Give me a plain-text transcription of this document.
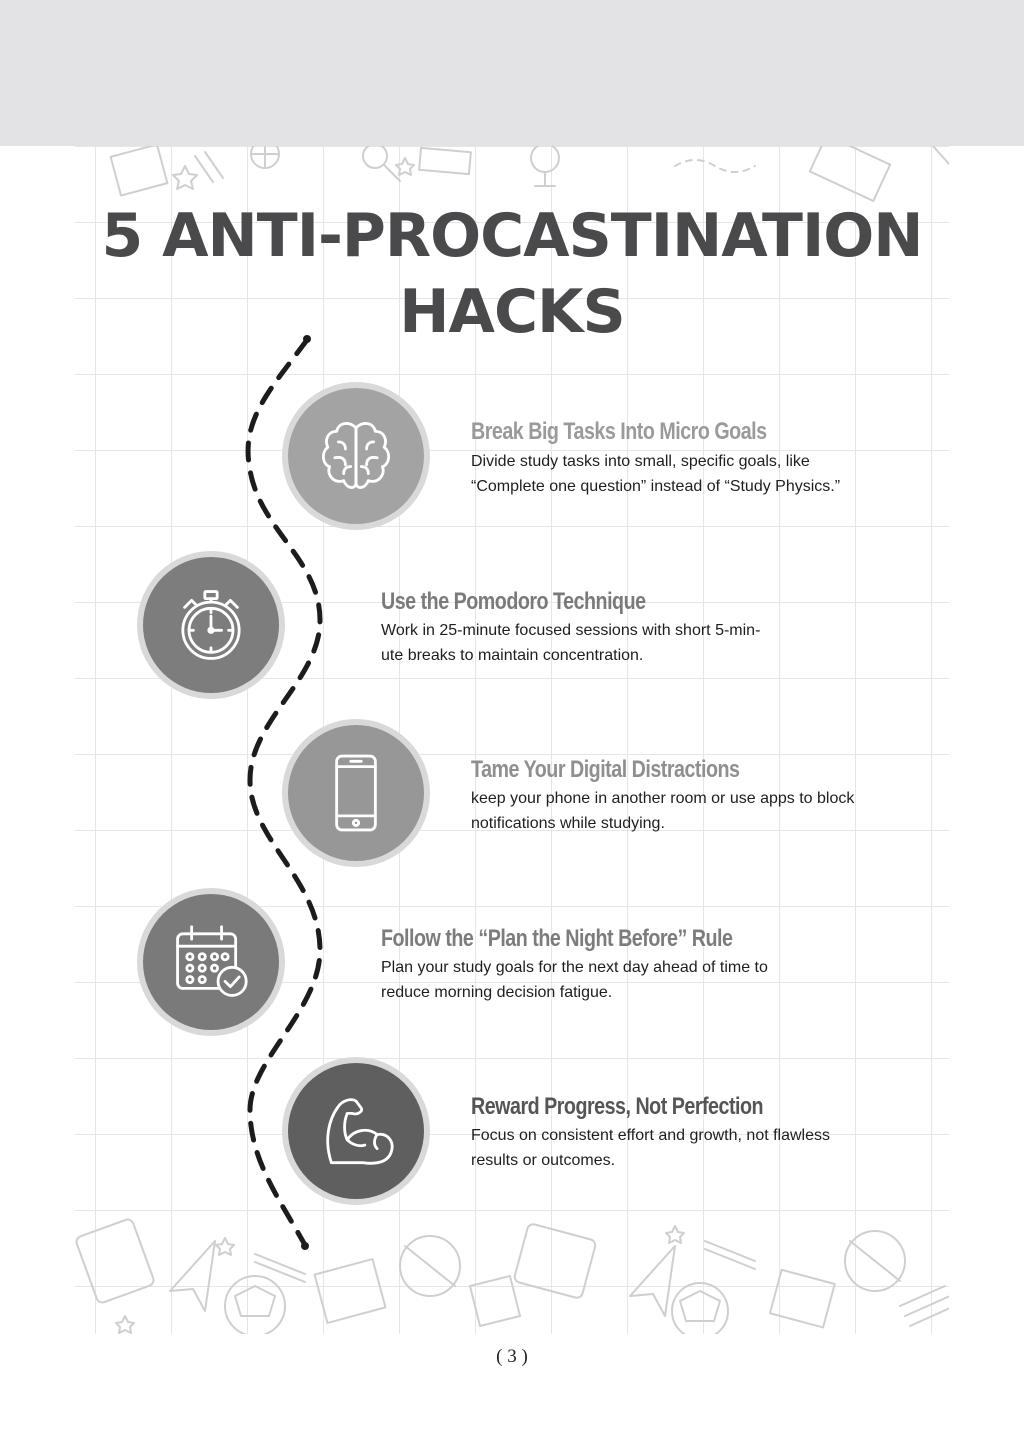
5 ANTI-PROCASTINATION
HACKS
Break Big Tasks Into Micro Goals
Divide study tasks into small, specific goals, like
“Complete one question” instead of “Study Physics.”
Use the Pomodoro Technique
Work in 25-minute focused sessions with short 5-min-
ute breaks to maintain concentration.
Tame Your Digital Distractions
keep your phone in another room or use apps to block
notifications while studying.
Follow the “Plan the Night Before” Rule
Plan your study goals for the next day ahead of time to
reduce morning decision fatigue.
Reward Progress, Not Perfection
Focus on consistent effort and growth, not flawless
results or outcomes.
( 3 )
